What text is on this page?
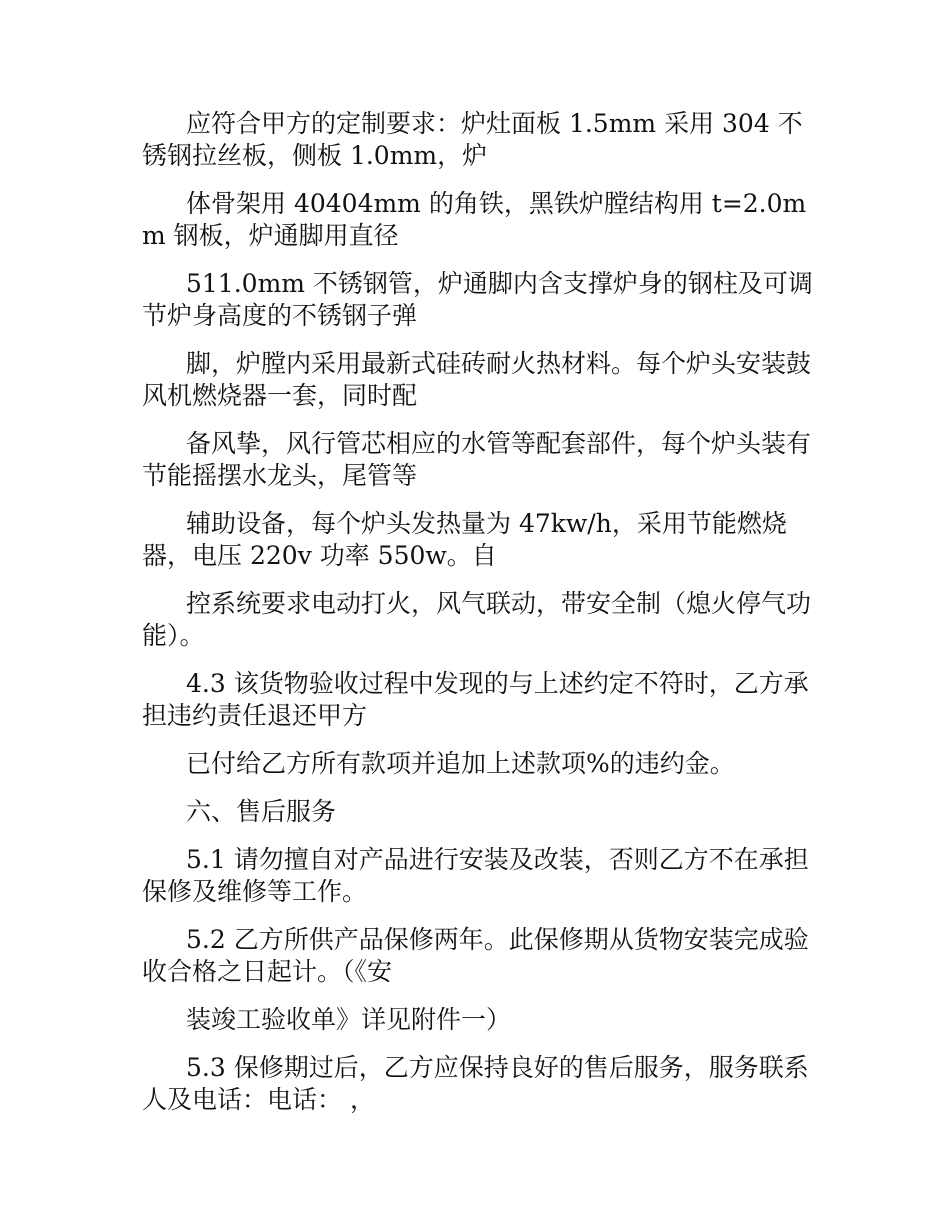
应符合甲方的定制要求：炉灶面板 1.5mm 采用 304 不锈钢拉丝板，侧板 1.0mm，炉

体骨架用 40404mm 的角铁，黑铁炉膛结构用 t=2.0mm 钢板，炉通脚用直径

511.0mm 不锈钢管，炉通脚内含支撑炉身的钢柱及可调节炉身高度的不锈钢子弹

脚，炉膛内采用最新式硅砖耐火热材料。每个炉头安装鼓风机燃烧器一套，同时配

备风挚，风行管芯相应的水管等配套部件，每个炉头装有节能摇摆水龙头，尾管等

辅助设备，每个炉头发热量为 47kw/h，采用节能燃烧器，电压 220v 功率 550w。自

控系统要求电动打火，风气联动，带安全制（熄火停气功能）。

4.3 该货物验收过程中发现的与上述约定不符时，乙方承担违约责任退还甲方

已付给乙方所有款项并追加上述款项%的违约金。

六、售后服务

5.1 请勿擅自对产品进行安装及改装，否则乙方不在承担保修及维修等工作。

5.2 乙方所供产品保修两年。此保修期从货物安装完成验收合格之日起计。（《安

装竣工验收单》详见附件一）

5.3 保修期过后，乙方应保持良好的售后服务，服务联系人及电话：电话： ，
